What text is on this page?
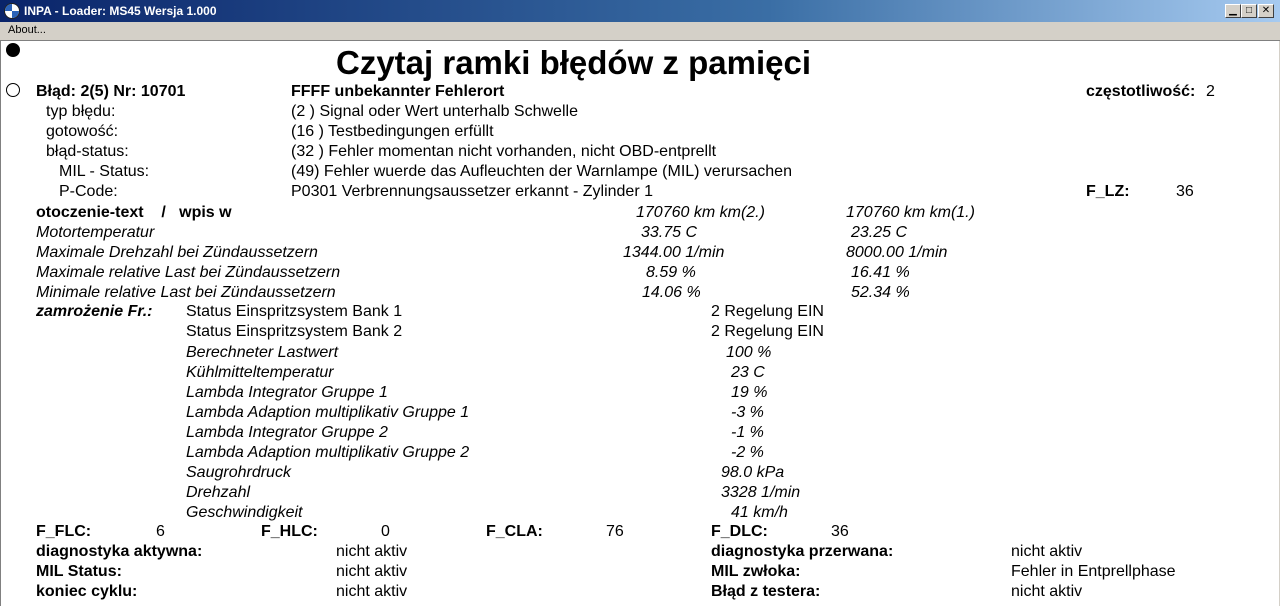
INPA - Loader: MS45 Wersja 1.000	▁ □ ✕
About...
Czytaj ramki błędów z pamięci
Błąd: 2(5) Nr: 10701	FFFF unbekannter Fehlerort	częstotliwość: 2
typ błędu:	(2 ) Signal oder Wert unterhalb Schwelle
gotowość:	(16 ) Testbedingungen erfüllt
błąd-status:	(32 ) Fehler momentan nicht vorhanden, nicht OBD-entprellt
MIL - Status:	(49) Fehler wuerde das Aufleuchten der Warnlampe (MIL) verursachen
P-Code:	P0301 Verbrennungsaussetzer erkannt - Zylinder 1	F_LZ:	36
otoczenie-text    /   wpis w	170760 km km(2.)	170760 km km(1.)
Motortemperatur	33.75 C	23.25 C
Maximale Drehzahl bei Zündaussetzern	1344.00 1/min	8000.00 1/min
Maximale relative Last bei Zündaussetzern	8.59 %	16.41 %
Minimale relative Last bei Zündaussetzern	14.06 %	52.34 %
zamrożenie Fr.: Status Einspritzsystem Bank 1	2 Regelung EIN
Status Einspritzsystem Bank 2	2 Regelung EIN
Berechneter Lastwert	100 %
Kühlmitteltemperatur	23 C
Lambda Integrator Gruppe 1	19 %
Lambda Adaption multiplikativ Gruppe 1	-3 %
Lambda Integrator Gruppe 2	-1 %
Lambda Adaption multiplikativ Gruppe 2	-2 %
Saugrohrdruck	98.0 kPa
Drehzahl	3328 1/min
Geschwindigkeit	41 km/h
F_FLC:	6	F_HLC:	0	F_CLA:	76	F_DLC:	36
diagnostyka aktywna:	nicht aktiv	diagnostyka przerwana:	nicht aktiv
MIL Status:	nicht aktiv	MIL zwłoka:	Fehler in Entprellphase
koniec cyklu:	nicht aktiv	Błąd z testera:	nicht aktiv
